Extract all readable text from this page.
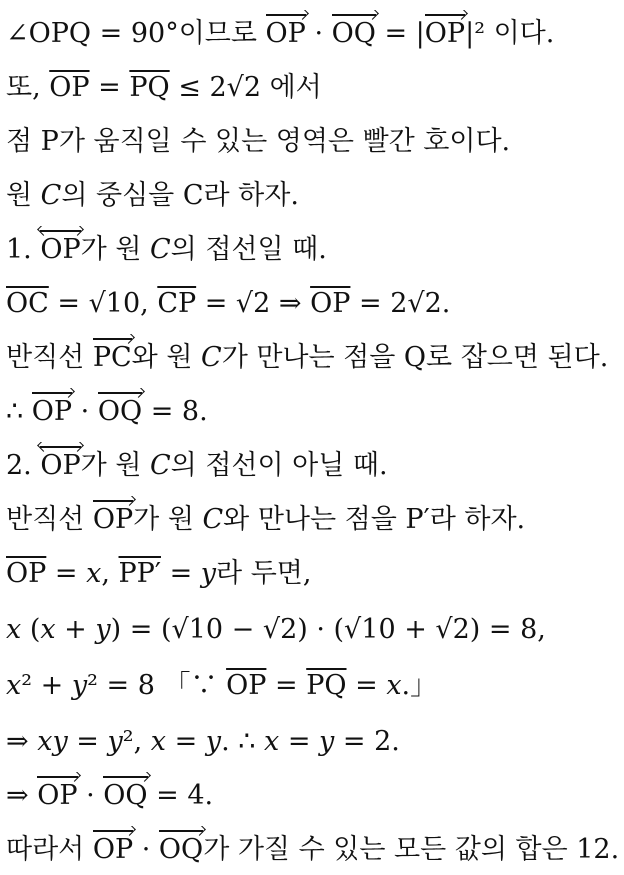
∠OPQ = 90°이므로 OP · OQ = |OP|² 이다.
또, $\overline{OP} = \overline{PQ} \le 2√2$ 에서
점 P가 움직일 수 있는 영역은 빨간 호이다.
원 C의 중심을 C라 하자.
1.
OP가 원 C의 접선일 때.
$\overline{OC} = √10$, $\overline{CP} = √2$ ⇒ $\overline{OP} = 2√2$.
반직선 PC와 원 C가 만나는 점을 Q로 잡으면 된다.
∴ OP · OQ = 8.
2.
OP가 원 C의 접선이 아닐 때.
반직선 OP가 원 C와 만나는 점을 P′라 하자.
$\overline{OP} = x$, PP′ = y라 두면,
x (x + y) = (√10 − √2) · (√10 + √2) = 8,
x² + y² = 8 「∵ $\overline{OP} = \overline{PQ} = x$.」
⇒ xy = y², x = y. ∴ x = y = 2.
⇒ OP · OQ = 4.
따라서 OP · OQ가 가질 수 있는 모든 값의 합은 12.
